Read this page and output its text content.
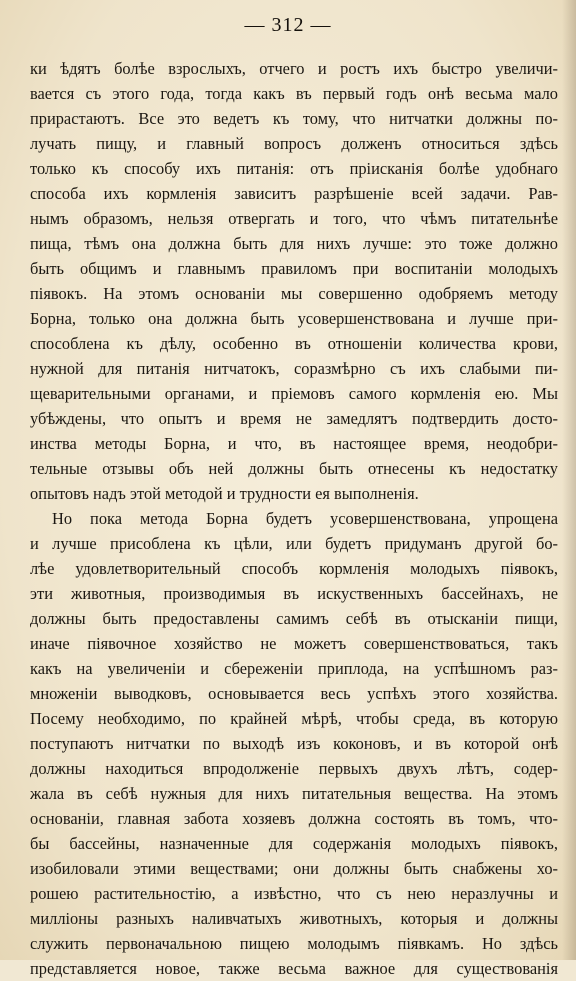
— 312 —
ки ѣдятъ болѣе взрослыхъ, отчего и ростъ ихъ быстро увеличи-
вается съ этого года, тогда какъ въ первый годъ онѣ весьма мало
прирастаютъ. Все это ведетъ къ тому, что нитчатки должны по-
лучать пищу, и главный вопросъ долженъ относиться здѣсь
только къ способу ихъ питанія: отъ пріисканія болѣе удобнаго
способа ихъ кормленія зависитъ разрѣшеніе всей задачи. Рав-
нымъ образомъ, нельзя отвергать и того, что чѣмъ питательнѣе
пища, тѣмъ она должна быть для нихъ лучше: это тоже должно
быть общимъ и главнымъ правиломъ при воспитаніи молодыхъ
піявокъ. На этомъ основаніи мы совершенно одобряемъ методу
Борна, только она должна быть усовершенствована и лучше при-
способлена къ дѣлу, особенно въ отношеніи количества крови,
нужной для питанія нитчатокъ, соразмѣрно съ ихъ слабыми пи-
щеварительными органами, и пріемовъ самого кормленія ею. Мы
убѣждены, что опытъ и время не замедлятъ подтвердить досто-
инства методы Борна, и что, въ настоящее время, неодобри-
тельные отзывы объ ней должны быть отнесены къ недостатку
опытовъ надъ этой методой и трудности ея выполненія.
Но пока метода Борна будетъ усовершенствована, упрощена
и лучше присоблена къ цѣли, или будетъ придуманъ другой бо-
лѣе удовлетворительный способъ кормленія молодыхъ піявокъ,
эти животныя, производимыя въ искуственныхъ бассейнахъ, не
должны быть предоставлены самимъ себѣ въ отысканіи пищи,
иначе піявочное хозяйство не можетъ совершенствоваться, такъ
какъ на увеличеніи и сбереженіи приплода, на успѣшномъ раз-
множеніи выводковъ, основывается весь успѣхъ этого хозяйства.
Посему необходимо, по крайней мѣрѣ, чтобы среда, въ которую
поступаютъ нитчатки по выходѣ изъ коконовъ, и въ которой онѣ
должны находиться впродолженіе первыхъ двухъ лѣтъ, содер-
жала въ себѣ нужныя для нихъ питательныя вещества. На этомъ
основаніи, главная забота хозяевъ должна состоять въ томъ, что-
бы бассейны, назначенные для содержанія молодыхъ піявокъ,
изобиловали этими веществами; они должны быть снабжены хо-
рошею растительностію, а извѣстно, что съ нею неразлучны и
милліоны разныхъ наливчатыхъ животныхъ, которыя и должны
служить первоначальною пищею молодымъ піявкамъ. Но здѣсь
представляется новое, также весьма важное для существованія
